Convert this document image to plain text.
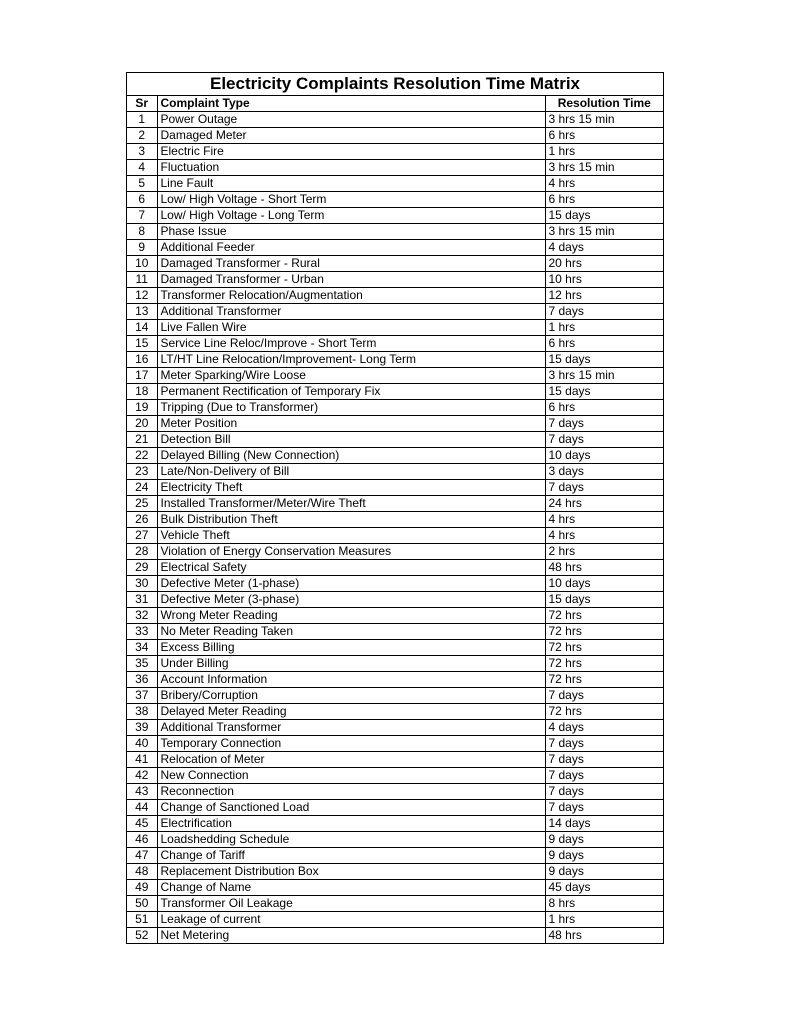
Electricity Complaints Resolution Time Matrix
Sr	Complaint Type	Resolution Time
1	Power Outage	3 hrs 15 min
2	Damaged Meter	6 hrs
3	Electric Fire	1 hrs
4	Fluctuation	3 hrs 15 min
5	Line Fault	4 hrs
6	Low/ High Voltage - Short Term	6 hrs
7	Low/ High Voltage - Long Term	15 days
8	Phase Issue	3 hrs 15 min
9	Additional Feeder	4 days
10	Damaged Transformer - Rural	20 hrs
11	Damaged Transformer - Urban	10 hrs
12	Transformer Relocation/Augmentation	12 hrs
13	Additional Transformer	7 days
14	Live Fallen Wire	1 hrs
15	Service Line Reloc/Improve - Short Term	6 hrs
16	LT/HT Line Relocation/Improvement- Long Term	15 days
17	Meter Sparking/Wire Loose	3 hrs 15 min
18	Permanent Rectification of Temporary Fix	15 days
19	Tripping (Due to Transformer)	6 hrs
20	Meter Position	7 days
21	Detection Bill	7 days
22	Delayed Billing (New Connection)	10 days
23	Late/Non-Delivery of Bill	3 days
24	Electricity Theft	7 days
25	Installed Transformer/Meter/Wire Theft	24 hrs
26	Bulk Distribution Theft	4 hrs
27	Vehicle Theft	4 hrs
28	Violation of Energy Conservation Measures	2 hrs
29	Electrical Safety	48 hrs
30	Defective Meter (1-phase)	10 days
31	Defective Meter (3-phase)	15 days
32	Wrong Meter Reading	72 hrs
33	No Meter Reading Taken	72 hrs
34	Excess Billing	72 hrs
35	Under Billing	72 hrs
36	Account Information	72 hrs
37	Bribery/Corruption	7 days
38	Delayed Meter Reading	72 hrs
39	Additional Transformer	4 days
40	Temporary Connection	7 days
41	Relocation of Meter	7 days
42	New Connection	7 days
43	Reconnection	7 days
44	Change of Sanctioned Load	7 days
45	Electrification	14 days
46	Loadshedding Schedule	9 days
47	Change of Tariff	9 days
48	Replacement Distribution Box	9 days
49	Change of Name	45 days
50	Transformer Oil Leakage	8 hrs
51	Leakage of current	1 hrs
52	Net Metering	48 hrs
